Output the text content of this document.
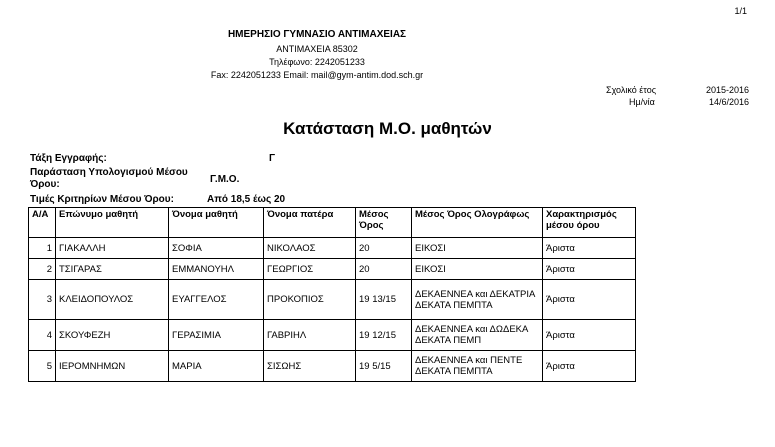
1/1
ΗΜΕΡΗΣΙΟ ΓΥΜΝΑΣΙΟ ΑΝΤΙΜΑΧΕΙΑΣ
ΑΝΤΙΜΑΧΕΙΑ 85302
Τηλέφωνο: 2242051233
Fax: 2242051233 Email: mail@gym-antim.dod.sch.gr
Σχολικό έτος	2015-2016
Ημ/νία	14/6/2016
Κατάσταση Μ.Ο. μαθητών
Τάξη Εγγραφής:	Γ
Παράσταση Υπολογισμού Μέσου
Όρου:	Γ.Μ.Ο.
Τιμές Κριτηρίων Μέσου Όρου:	Από 18,5 έως 20
Α/Α	Επώνυμο μαθητή	Όνομα μαθητή	Όνομα πατέρα	Μέσος Όρος	Μέσος Όρος Ολογράφως	Χαρακτηρισμός μέσου όρου
1	ΓΙΑΚΑΛΛΗ	ΣΟΦΙΑ	ΝΙΚΟΛΑΟΣ	20	ΕΙΚΟΣΙ	Άριστα
2	ΤΣΙΓΑΡΑΣ	ΕΜΜΑΝΟΥΗΛ	ΓΕΩΡΓΙΟΣ	20	ΕΙΚΟΣΙ	Άριστα
3	ΚΛΕΙΔΟΠΟΥΛΟΣ	ΕΥΑΓΓΕΛΟΣ	ΠΡΟΚΟΠΙΟΣ	19 13/15	ΔΕΚΑΕΝΝΕΑ και ΔΕΚΑΤΡΙΑ ΔΕΚΑΤΑ ΠΕΜΠΤΑ	Άριστα
4	ΣΚΟΥΦΕΖΗ	ΓΕΡΑΣΙΜΙΑ	ΓΑΒΡΙΗΛ	19 12/15	ΔΕΚΑΕΝΝΕΑ και ΔΩΔΕΚΑ ΔΕΚΑΤΑ ΠΕΜΠ	Άριστα
5	ΙΕΡΟΜΝΗΜΩΝ	ΜΑΡΙΑ	ΣΙΣΩΗΣ	19 5/15	ΔΕΚΑΕΝΝΕΑ και ΠΕΝΤΕ ΔΕΚΑΤΑ ΠΕΜΠΤΑ	Άριστα
